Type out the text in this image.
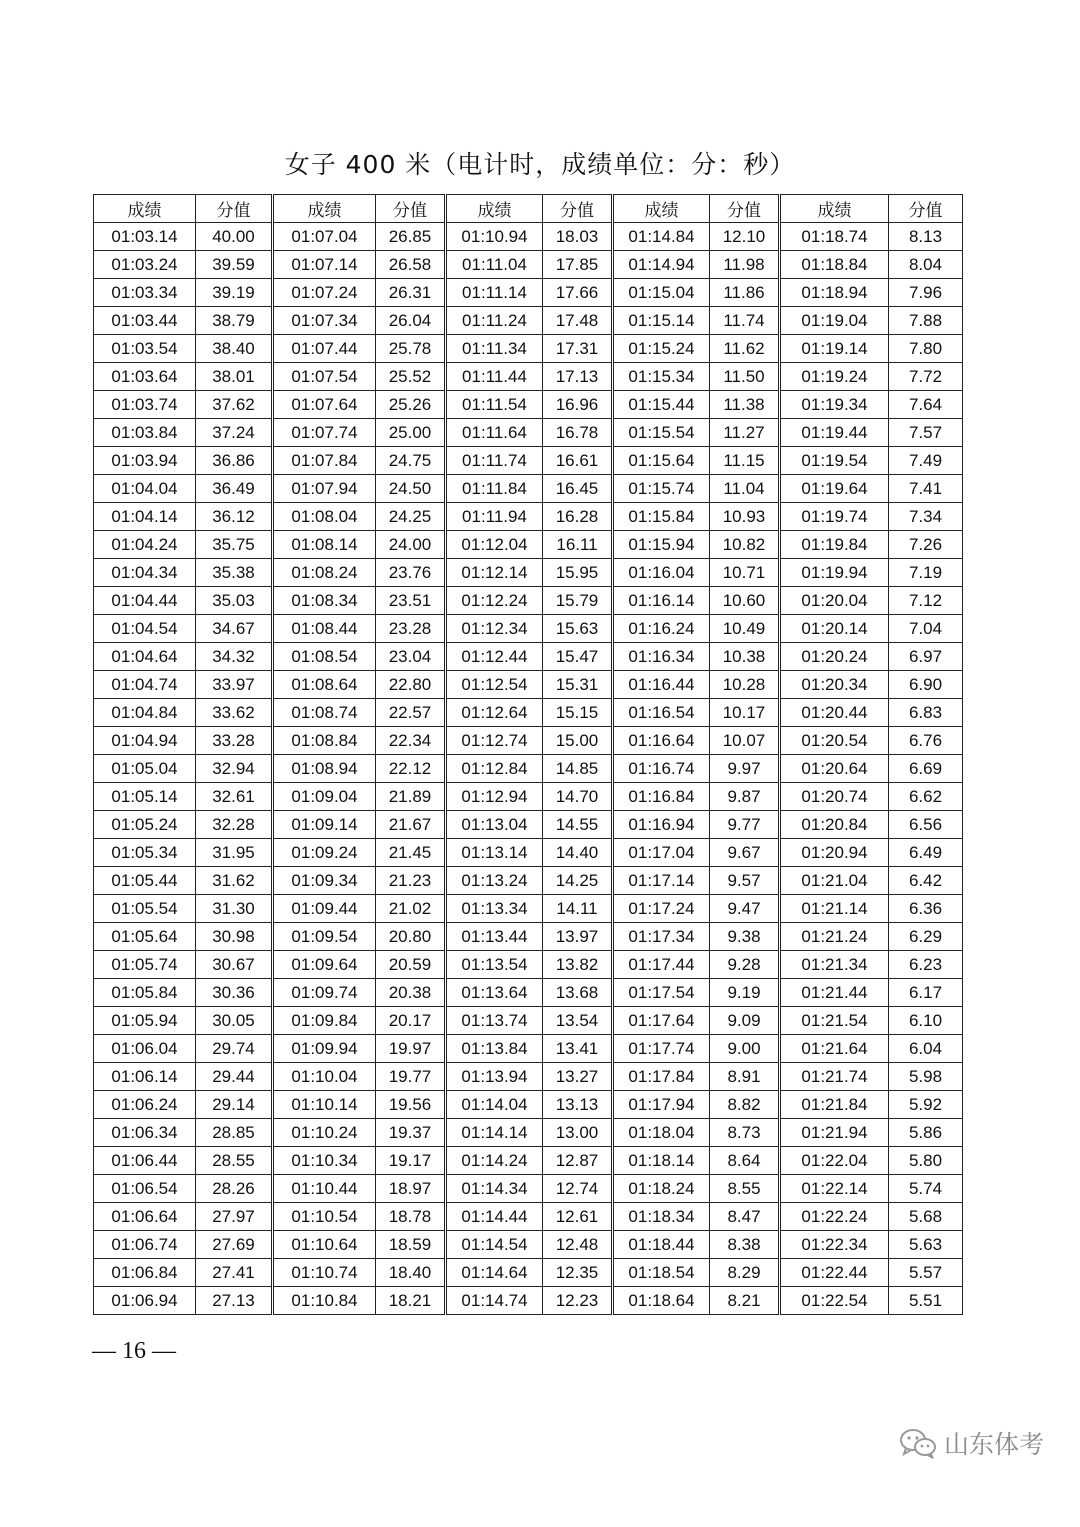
女子 400 米（电计时，成绩单位：分：秒）
成绩	分值	成绩	分值	成绩	分值	成绩	分值	成绩	分值
01:03.14	40.00	01:07.04	26.85	01:10.94	18.03	01:14.84	12.10	01:18.74	8.13
01:03.24	39.59	01:07.14	26.58	01:11.04	17.85	01:14.94	11.98	01:18.84	8.04
01:03.34	39.19	01:07.24	26.31	01:11.14	17.66	01:15.04	11.86	01:18.94	7.96
01:03.44	38.79	01:07.34	26.04	01:11.24	17.48	01:15.14	11.74	01:19.04	7.88
01:03.54	38.40	01:07.44	25.78	01:11.34	17.31	01:15.24	11.62	01:19.14	7.80
01:03.64	38.01	01:07.54	25.52	01:11.44	17.13	01:15.34	11.50	01:19.24	7.72
01:03.74	37.62	01:07.64	25.26	01:11.54	16.96	01:15.44	11.38	01:19.34	7.64
01:03.84	37.24	01:07.74	25.00	01:11.64	16.78	01:15.54	11.27	01:19.44	7.57
01:03.94	36.86	01:07.84	24.75	01:11.74	16.61	01:15.64	11.15	01:19.54	7.49
01:04.04	36.49	01:07.94	24.50	01:11.84	16.45	01:15.74	11.04	01:19.64	7.41
01:04.14	36.12	01:08.04	24.25	01:11.94	16.28	01:15.84	10.93	01:19.74	7.34
01:04.24	35.75	01:08.14	24.00	01:12.04	16.11	01:15.94	10.82	01:19.84	7.26
01:04.34	35.38	01:08.24	23.76	01:12.14	15.95	01:16.04	10.71	01:19.94	7.19
01:04.44	35.03	01:08.34	23.51	01:12.24	15.79	01:16.14	10.60	01:20.04	7.12
01:04.54	34.67	01:08.44	23.28	01:12.34	15.63	01:16.24	10.49	01:20.14	7.04
01:04.64	34.32	01:08.54	23.04	01:12.44	15.47	01:16.34	10.38	01:20.24	6.97
01:04.74	33.97	01:08.64	22.80	01:12.54	15.31	01:16.44	10.28	01:20.34	6.90
01:04.84	33.62	01:08.74	22.57	01:12.64	15.15	01:16.54	10.17	01:20.44	6.83
01:04.94	33.28	01:08.84	22.34	01:12.74	15.00	01:16.64	10.07	01:20.54	6.76
01:05.04	32.94	01:08.94	22.12	01:12.84	14.85	01:16.74	9.97	01:20.64	6.69
01:05.14	32.61	01:09.04	21.89	01:12.94	14.70	01:16.84	9.87	01:20.74	6.62
01:05.24	32.28	01:09.14	21.67	01:13.04	14.55	01:16.94	9.77	01:20.84	6.56
01:05.34	31.95	01:09.24	21.45	01:13.14	14.40	01:17.04	9.67	01:20.94	6.49
01:05.44	31.62	01:09.34	21.23	01:13.24	14.25	01:17.14	9.57	01:21.04	6.42
01:05.54	31.30	01:09.44	21.02	01:13.34	14.11	01:17.24	9.47	01:21.14	6.36
01:05.64	30.98	01:09.54	20.80	01:13.44	13.97	01:17.34	9.38	01:21.24	6.29
01:05.74	30.67	01:09.64	20.59	01:13.54	13.82	01:17.44	9.28	01:21.34	6.23
01:05.84	30.36	01:09.74	20.38	01:13.64	13.68	01:17.54	9.19	01:21.44	6.17
01:05.94	30.05	01:09.84	20.17	01:13.74	13.54	01:17.64	9.09	01:21.54	6.10
01:06.04	29.74	01:09.94	19.97	01:13.84	13.41	01:17.74	9.00	01:21.64	6.04
01:06.14	29.44	01:10.04	19.77	01:13.94	13.27	01:17.84	8.91	01:21.74	5.98
01:06.24	29.14	01:10.14	19.56	01:14.04	13.13	01:17.94	8.82	01:21.84	5.92
01:06.34	28.85	01:10.24	19.37	01:14.14	13.00	01:18.04	8.73	01:21.94	5.86
01:06.44	28.55	01:10.34	19.17	01:14.24	12.87	01:18.14	8.64	01:22.04	5.80
01:06.54	28.26	01:10.44	18.97	01:14.34	12.74	01:18.24	8.55	01:22.14	5.74
01:06.64	27.97	01:10.54	18.78	01:14.44	12.61	01:18.34	8.47	01:22.24	5.68
01:06.74	27.69	01:10.64	18.59	01:14.54	12.48	01:18.44	8.38	01:22.34	5.63
01:06.84	27.41	01:10.74	18.40	01:14.64	12.35	01:18.54	8.29	01:22.44	5.57
01:06.94	27.13	01:10.84	18.21	01:14.74	12.23	01:18.64	8.21	01:22.54	5.51
— 16 —
山东体考
